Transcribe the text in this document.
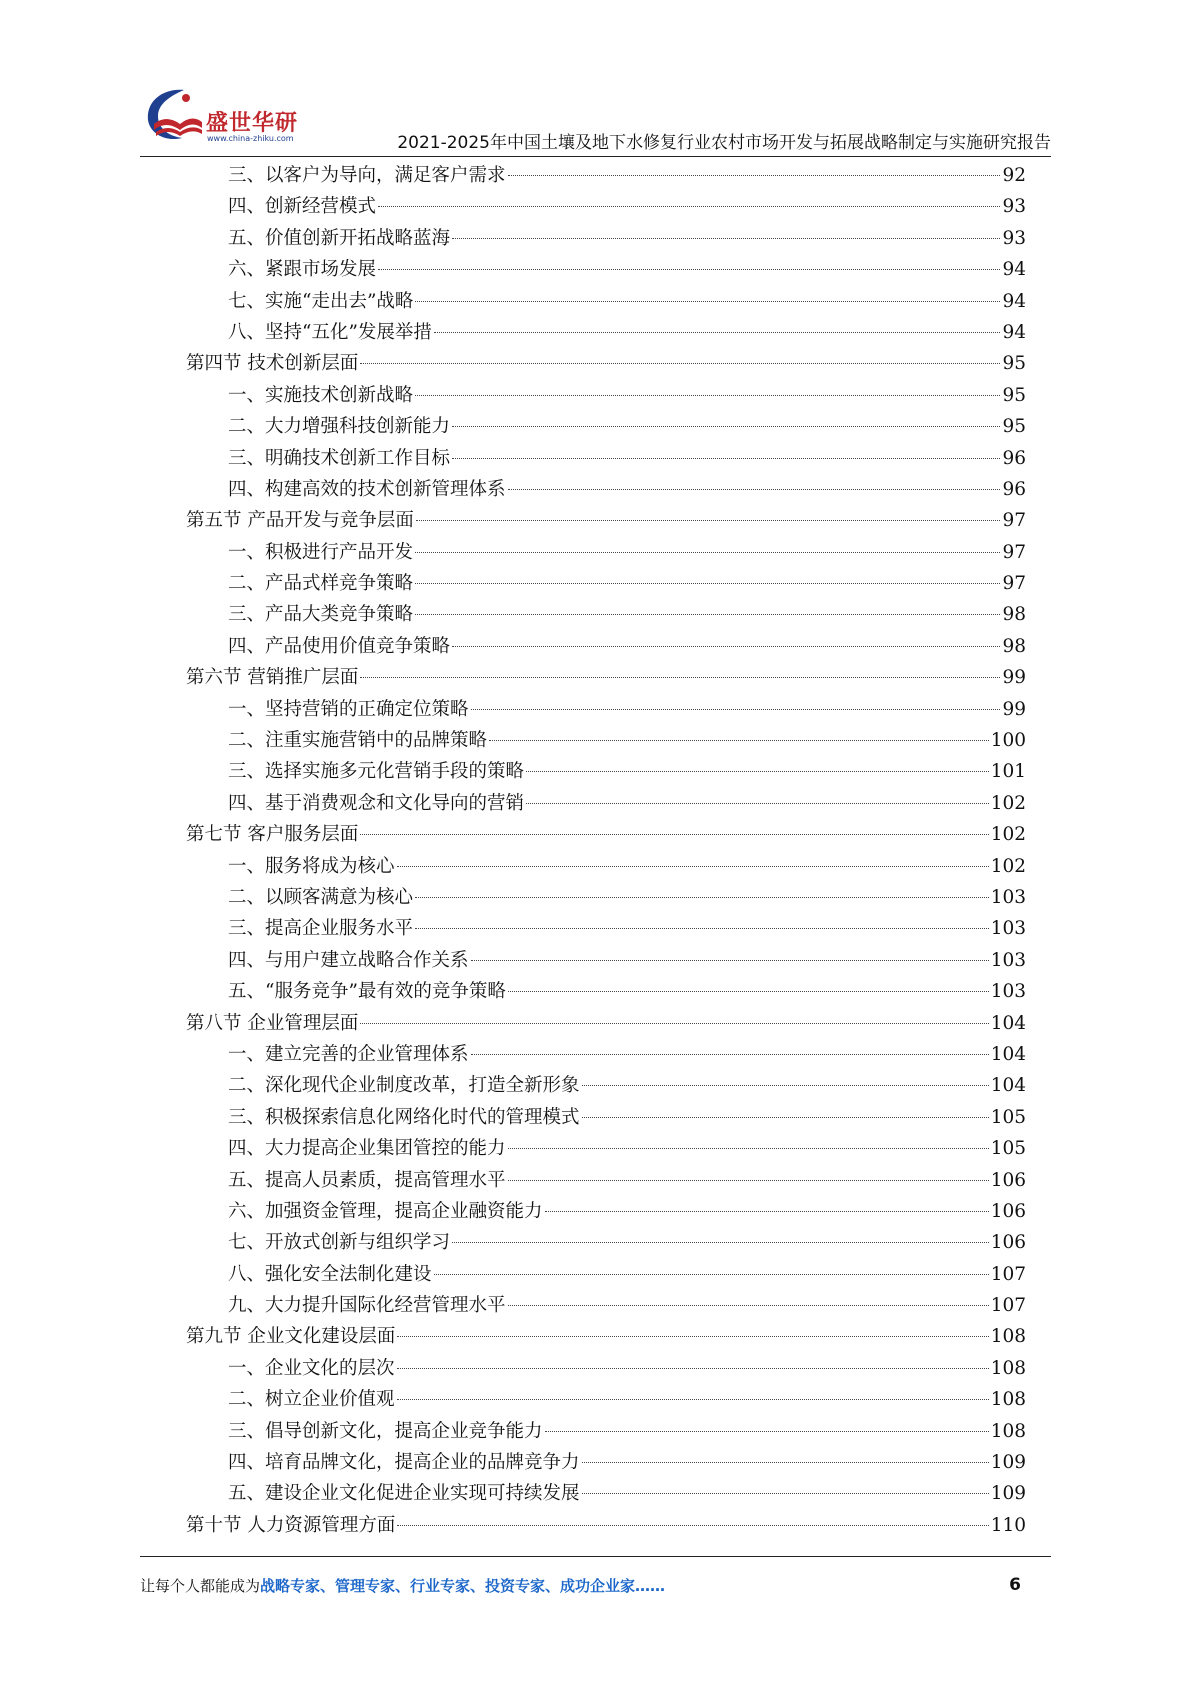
盛世华研
www.china-zhiku.com	2021-2025年中国土壤及地下水修复行业农村市场开发与拓展战略制定与实施研究报告
三、以客户为导向，满足客户需求	92
四、创新经营模式	93
五、价值创新开拓战略蓝海	93
六、紧跟市场发展	94
七、实施“走出去”战略	94
八、坚持“五化”发展举措	94
第四节 技术创新层面	95
一、实施技术创新战略	95
二、大力增强科技创新能力	95
三、明确技术创新工作目标	96
四、构建高效的技术创新管理体系	96
第五节 产品开发与竞争层面	97
一、积极进行产品开发	97
二、产品式样竞争策略	97
三、产品大类竞争策略	98
四、产品使用价值竞争策略	98
第六节 营销推广层面	99
一、坚持营销的正确定位策略	99
二、注重实施营销中的品牌策略	100
三、选择实施多元化营销手段的策略	101
四、基于消费观念和文化导向的营销	102
第七节 客户服务层面	102
一、服务将成为核心	102
二、以顾客满意为核心	103
三、提高企业服务水平	103
四、与用户建立战略合作关系	103
五、“服务竞争”最有效的竞争策略	103
第八节 企业管理层面	104
一、建立完善的企业管理体系	104
二、深化现代企业制度改革，打造全新形象	104
三、积极探索信息化网络化时代的管理模式	105
四、大力提高企业集团管控的能力	105
五、提高人员素质，提高管理水平	106
六、加强资金管理，提高企业融资能力	106
七、开放式创新与组织学习	106
八、强化安全法制化建设	107
九、大力提升国际化经营管理水平	107
第九节 企业文化建设层面	108
一、企业文化的层次	108
二、树立企业价值观	108
三、倡导创新文化，提高企业竞争能力	108
四、培育品牌文化，提高企业的品牌竞争力	109
五、建设企业文化促进企业实现可持续发展	109
第十节 人力资源管理方面	110
让每个人都能成为战略专家、管理专家、行业专家、投资专家、成功企业家……	6
